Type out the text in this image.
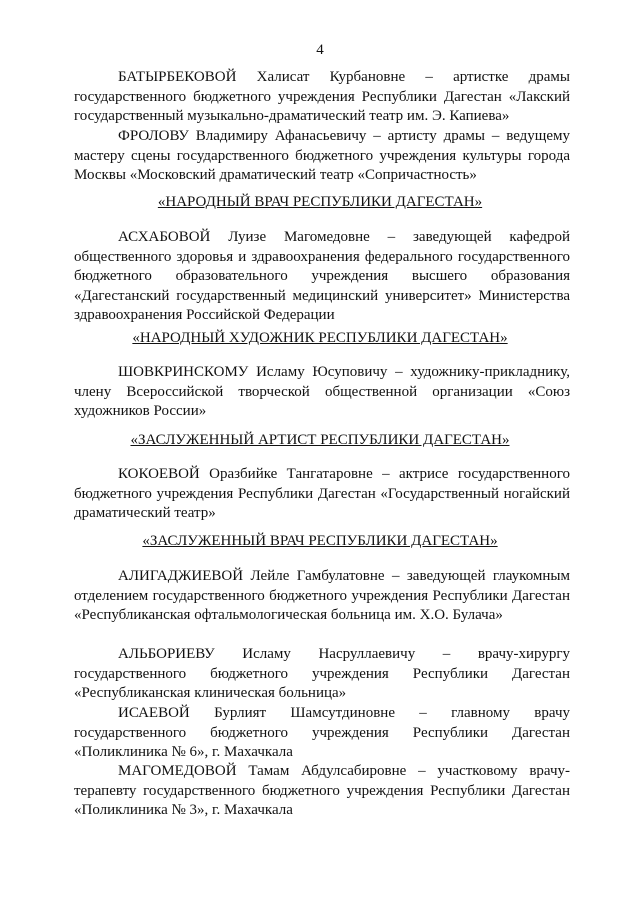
4

БАТЫРБЕКОВОЙ Халисат Курбановне – артистке драмы государственного бюджетного учреждения Республики Дагестан «Лакский государственный музыкально-драматический театр им. Э. Капиева»

ФРОЛОВУ Владимиру Афанасьевичу – артисту драмы – ведущему мастеру сцены государственного бюджетного учреждения культуры города Москвы «Московский драматический театр «Сопричастность»

«НАРОДНЫЙ ВРАЧ РЕСПУБЛИКИ ДАГЕСТАН»

АСХАБОВОЙ Луизе Магомедовне – заведующей кафедрой общественного здоровья и здравоохранения федерального государственного бюджетного образовательного учреждения высшего образования «Дагестанский государственный медицинский университет» Министерства здравоохранения Российской Федерации

«НАРОДНЫЙ ХУДОЖНИК РЕСПУБЛИКИ ДАГЕСТАН»

ШОВКРИНСКОМУ Исламу Юсуповичу – художнику-прикладнику, члену Всероссийской творческой общественной организации «Союз художников России»

«ЗАСЛУЖЕННЫЙ АРТИСТ РЕСПУБЛИКИ ДАГЕСТАН»

КОКОЕВОЙ Оразбийке Тангатаровне – актрисе государственного бюджетного учреждения Республики Дагестан «Государственный ногайский драматический театр»

«ЗАСЛУЖЕННЫЙ ВРАЧ РЕСПУБЛИКИ ДАГЕСТАН»

АЛИГАДЖИЕВОЙ Лейле Гамбулатовне – заведующей глаукомным отделением государственного бюджетного учреждения Республики Дагестан «Республиканская офтальмологическая больница им. Х.О. Булача»

АЛЬБОРИЕВУ Исламу Насруллаевичу – врачу-хирургу государственного бюджетного учреждения Республики Дагестан «Республиканская клиническая больница»

ИСАЕВОЙ Бурлият Шамсутдиновне – главному врачу государственного бюджетного учреждения Республики Дагестан «Поликлиника № 6», г. Махачкала

МАГОМЕДОВОЙ Тамам Абдулсабировне – участковому врачу-терапевту государственного бюджетного учреждения Республики Дагестан «Поликлиника № 3», г. Махачкала
